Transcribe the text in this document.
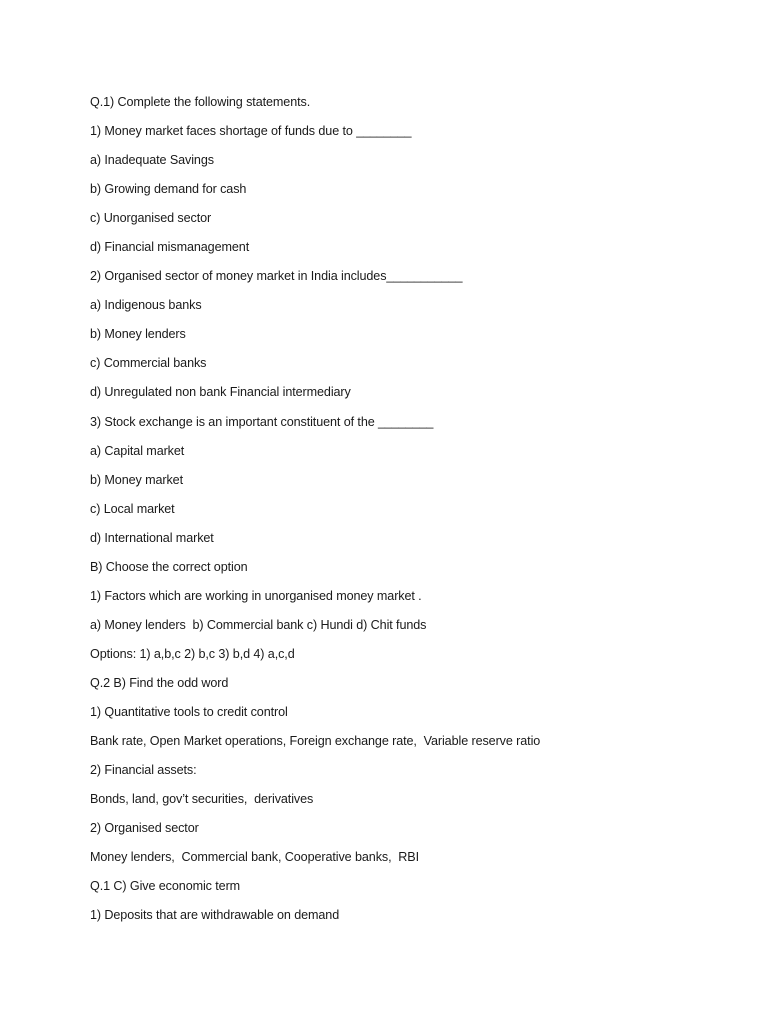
Q.1) Complete the following statements.
1) Money market faces shortage of funds due to ________
a) Inadequate Savings
b) Growing demand for cash
c) Unorganised sector
d) Financial mismanagement
2) Organised sector of money market in India includes___________
a) Indigenous banks
b) Money lenders
c) Commercial banks
d) Unregulated non bank Financial intermediary
3) Stock exchange is an important constituent of the ________
a) Capital market
b) Money market
c) Local market
d) International market
B) Choose the correct option
1) Factors which are working in unorganised money market .
a) Money lenders  b) Commercial bank c) Hundi d) Chit funds
Options: 1) a,b,c 2) b,c 3) b,d 4) a,c,d
Q.2 B) Find the odd word
1) Quantitative tools to credit control
Bank rate, Open Market operations, Foreign exchange rate,  Variable reserve ratio
2) Financial assets:
Bonds, land, gov’t securities,  derivatives
2) Organised sector
Money lenders,  Commercial bank, Cooperative banks,  RBI
Q.1 C) Give economic term
1) Deposits that are withdrawable on demand
